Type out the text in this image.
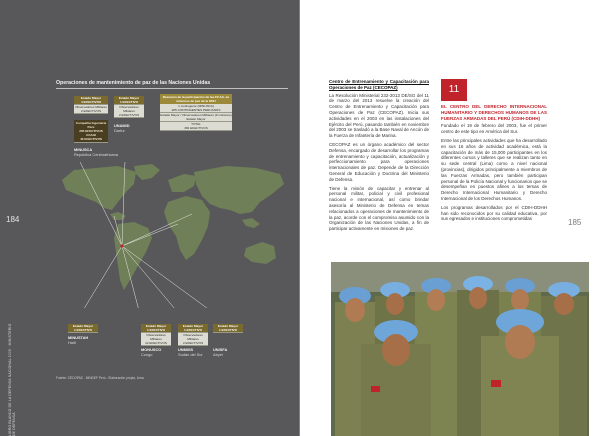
184
LIBRO BLANCO DE LA DEFENSA NACIONAL 2005 · MINISTERIO DE DEFENSA
Operaciones de mantenimiento de paz de las Naciones Unidas
Estado Mayor
4 EFECTIVOS
Observadores Militares
2 EFECTIVOS
Compañía Ingeniería Perú
205 EFECTIVOS
CCAHI
46 EFECTIVOS
MINUSCA
República Centroafricana
Estado Mayor
1 EFECTIVO
Observadores Militares
2 EFECTIVOS
UNAMID
Darfur
Resumen de la participación de las FF.AA. en misiones de paz de la ONU
1 contingente (MINUSCA)
205 CONTINGENTES PERUANOS
Estado Mayor / Observadores Militares (9 misiones)
Estado Mayor
TOTAL
381 EFECTIVOS
Estado Mayor
1 EFECTIVO
MINUSTAH
Haití
Estado Mayor
1 EFECTIVO
Observadores Militares
12 EFECTIVOS
MONUSCO
Congo
Estado Mayor
1 EFECTIVO
Observadores Militares
2 EFECTIVOS
UNMISS
Sudán del Sur
Estado Mayor
1 EFECTIVO
UNISFA
Abyei
Fuente: CECOPAZ - MINDEF Perú - Elaboración propia, Lima.
Centro de Entrenamiento y Capacitación para Operaciones de Paz (CECOPAZ)

La Resolución Ministerial 232-2013 DE/SG del 11 de marzo del 2013 resuelve la creación del Centro de Entrenamiento y Capacitación para Operaciones de Paz (CECOPAZ). Inicia sus actividades en el 2003 en las instalaciones del Ejército del Perú, pasando también en noviembre del 2003 se trasladó a la Base Naval de Ancón de la Fuerza de Infantería de Marina.

CECOPAZ es un órgano académico del sector Defensa, encargado de desarrollar los programas de entrenamiento y capacitación, actualización y perfeccionamiento para operaciones internacionales de paz. Depende de la Dirección General de Educación y Doctrina del Ministerio de Defensa.

Tiene la misión de capacitar y entrenar al personal militar, policial y civil profesional nacional e internacional, así como brindar asesoría al Ministerio de Defensa en temas relacionados a operaciones de mantenimiento de la paz, acorde con el compromiso asumido con la Organización de las Naciones Unidas, a fin de participar activamente en misiones de paz.

11
EL CENTRO DEL DERECHO INTERNACIONAL HUMANITARIO Y DERECHOS HUMANOS DE LAS FUERZAS ARMADAS DEL PERÚ (CDIH-DDHH)

Fundado el 19 de febrero del 2003, fue el primer centro de este tipo en América del Sur.

Entre las principales actividades que ha desarrollado en sus 16 años de actividad académica, está la capacitación de más de 15,000 participantes en los diferentes cursos y talleres que se realizan tanto en su sede central (Lima) como a nivel nacional (provincias), dirigidos principalmente a miembros de las Fuerzas Armadas, pero también participan personal de la Policía Nacional y funcionarios que se desempeñan en puestos afines a los temas de Derecho Internacional Humanitario y Derecho Internacional de los Derechos Humanos.

Los programas desarrollados por el CDIH-DDHH han sido reconocidos por su calidad educativa, por sus egresados e instituciones comprometidas	185
